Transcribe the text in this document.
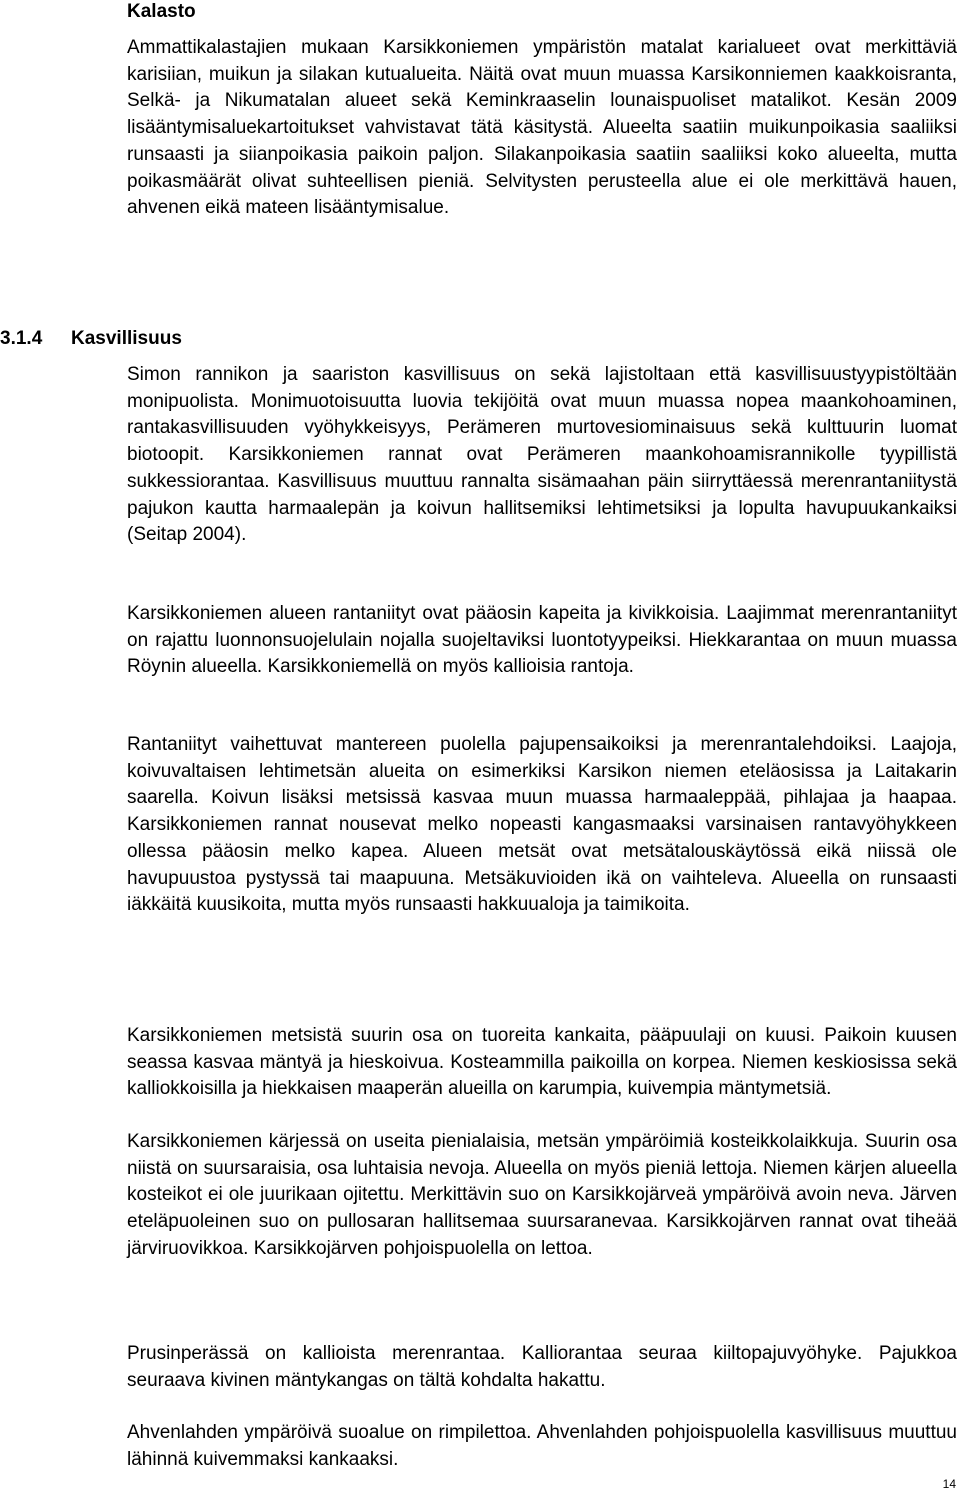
Kalasto

Ammattikalastajien mukaan Karsikkoniemen ympäristön matalat karialueet ovat merkittäviä karisiian, muikun ja silakan kutualueita. Näitä ovat muun muassa Karsikonniemen kaakkoisranta, Selkä- ja Nikumatalan alueet sekä Keminkraaselin lounaispuoliset matalikot. Kesän 2009 lisääntymisaluekartoitukset vahvistavat tätä käsitystä. Alueelta saatiin muikunpoikasia saaliiksi runsaasti ja siianpoikasia paikoin paljon. Silakanpoikasia saatiin saaliiksi koko alueelta, mutta poikasmäärät olivat suhteellisen pieniä. Selvitysten perusteella alue ei ole merkittävä hauen, ahvenen eikä mateen lisääntymisalue.

3.1.4 Kasvillisuus

Simon rannikon ja saariston kasvillisuus on sekä lajistoltaan että kasvillisuustyypistöltään monipuolista. Monimuotoisuutta luovia tekijöitä ovat muun muassa nopea maankohoaminen, rantakasvillisuuden vyöhykkeisyys, Perämeren murtovesiominaisuus sekä kulttuurin luomat biotoopit. Karsikkoniemen rannat ovat Perämeren maankohoamisrannikolle tyypillistä sukkessiorantaa. Kasvillisuus muuttuu rannalta sisämaahan päin siirryttäessä merenrantaniitystä pajukon kautta harmaalepän ja koivun hallitsemiksi lehtimetsiksi ja lopulta havupuukankaiksi (Seitap 2004).

Karsikkoniemen alueen rantaniityt ovat pääosin kapeita ja kivikkoisia. Laajimmat merenrantaniityt on rajattu luonnonsuojelulain nojalla suojeltaviksi luontotyypeiksi. Hiekkarantaa on muun muassa Röynin alueella. Karsikkoniemellä on myös kallioisia rantoja.

Rantaniityt vaihettuvat mantereen puolella pajupensaikoiksi ja merenrantalehdoiksi. Laajoja, koivuvaltaisen lehtimetsän alueita on esimerkiksi Karsikon niemen eteläosissa ja Laitakarin saarella. Koivun lisäksi metsissä kasvaa muun muassa harmaaleppää, pihlajaa ja haapaa. Karsikkoniemen rannat nousevat melko nopeasti kangasmaaksi varsinaisen rantavyöhykkeen ollessa pääosin melko kapea. Alueen metsät ovat metsätalouskäytössä eikä niissä ole havupuustoa pystyssä tai maapuuna. Metsäkuvioiden ikä on vaihteleva. Alueella on runsaasti iäkkäitä kuusikoita, mutta myös runsaasti hakkuualoja ja taimikoita.

Karsikkoniemen metsistä suurin osa on tuoreita kankaita, pääpuulaji on kuusi. Paikoin kuusen seassa kasvaa mäntyä ja hieskoivua. Kosteammilla paikoilla on korpea. Niemen keskiosissa sekä kalliokkoisilla ja hiekkaisen maaperän alueilla on karumpia, kuivempia mäntymetsiä.

Karsikkoniemen kärjessä on useita pienialaisia, metsän ympäröimiä kosteikkolaikkuja. Suurin osa niistä on suursaraisia, osa luhtaisia nevoja. Alueella on myös pieniä lettoja. Niemen kärjen alueella kosteikot ei ole juurikaan ojitettu. Merkittävin suo on Karsikkojärveä ympäröivä avoin neva. Järven eteläpuoleinen suo on pullosaran hallitsemaa suursaranevaa. Karsikkojärven rannat ovat tiheää järviruovikkoa. Karsikkojärven pohjoispuolella on lettoa.

Prusinperässä on kallioista merenrantaa. Kalliorantaa seuraa kiiltopajuvyöhyke. Pajukkoa seuraava kivinen mäntykangas on tältä kohdalta hakattu.

Ahvenlahden ympäröivä suoalue on rimpilettoa. Ahvenlahden pohjoispuolella kasvillisuus muuttuu lähinnä kuivemmaksi kankaaksi.

14
